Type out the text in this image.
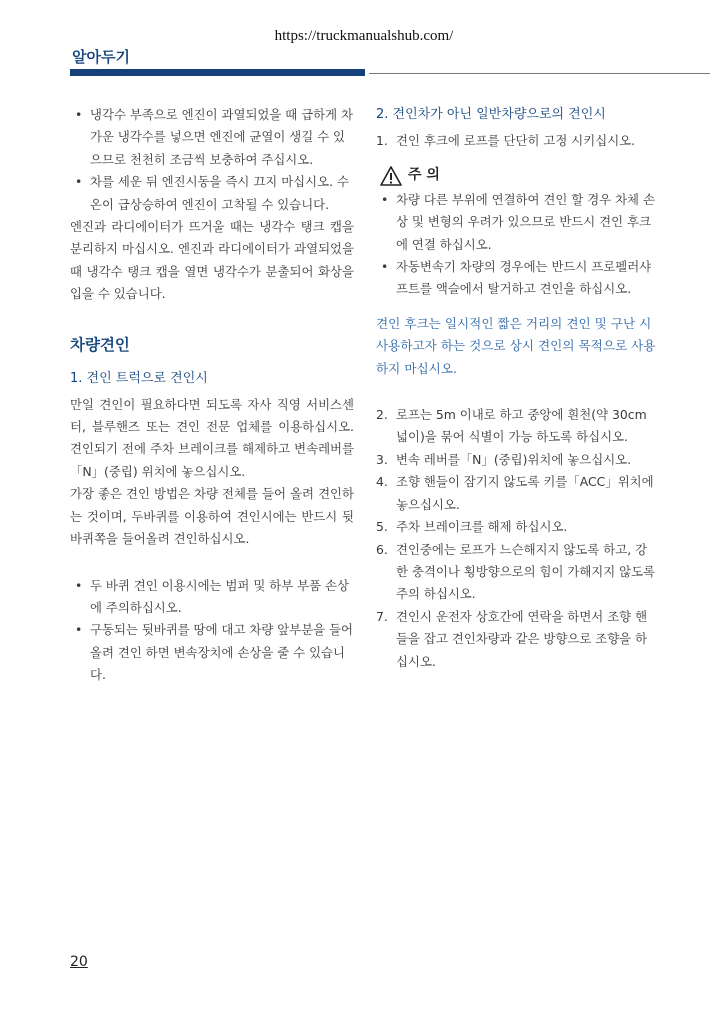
https://truckmanualshub.com/
알아두기
• 냉각수 부족으로 엔진이 과열되었을 때 급하게 차가운 냉각수를 넣으면 엔진에 균열이 생길 수 있으므로 천천히 조금씩 보충하여 주십시오.
• 차를 세운 뒤 엔진시동을 즉시 끄지 마십시오. 수온이 급상승하여 엔진이 고착될 수 있습니다.

엔진과 라디에이터가 뜨거울 때는 냉각수 탱크 캡을 분리하지 마십시오. 엔진과 라디에이터가 과열되었을 때 냉각수 탱크 캡을 열면 냉각수가 분출되어 화상을 입을 수 있습니다.

차량견인
1. 견인 트럭으로 견인시

만일 견인이 필요하다면 되도록 자사 직영 서비스센터, 블루핸즈 또는 견인 전문 업체를 이용하십시오. 견인되기 전에 주차 브레이크를 해제하고 변속레버를「N」(중립) 위치에 놓으십시오.

가장 좋은 견인 방법은 차량 전체를 들어 올려 견인하는 것이며, 두바퀴를 이용하여 견인시에는 반드시 뒷바퀴쪽을 들어올려 견인하십시오.

• 두 바퀴 견인 이용시에는 범퍼 및 하부 부품 손상에 주의하십시오.
• 구동되는 뒷바퀴를 땅에 대고 차량 앞부분을 들어올려 견인 하면 변속장치에 손상을 줄 수 있습니다.
2. 견인차가 아닌 일반차량으로의 견인시
1. 견인 후크에 로프를 단단히 고정 시키십시오.
주 의
• 차량 다른 부위에 연결하여 견인 할 경우 차체 손상 및 변형의 우려가 있으므로 반드시 견인 후크에 연결 하십시오.
• 자동변속기 차량의 경우에는 반드시 프로펠러샤프트를 액슬에서 탈거하고 견인을 하십시오.

견인 후크는 일시적인 짧은 거리의 견인 및 구난 시 사용하고자 하는 것으로 상시 견인의 목적으로 사용하지 마십시오.

2. 로프는 5m 이내로 하고 중앙에 흰천(약 30cm 넓이)을 묶어 식별이 가능 하도록 하십시오.
3. 변속 레버를「N」(중립)위치에 놓으십시오.
4. 조향 핸들이 잠기지 않도록 키를「ACC」위치에 놓으십시오.
5. 주차 브레이크를 해제 하십시오.
6. 견인중에는 로프가 느슨해지지 않도록 하고, 강한 충격이나 횡방향으로의 힘이 가해지지 않도록 주의 하십시오.
7. 견인시 운전자 상호간에 연락을 하면서 조향 핸들을 잡고 견인차량과 같은 방향으로 조향을 하십시오.
20
